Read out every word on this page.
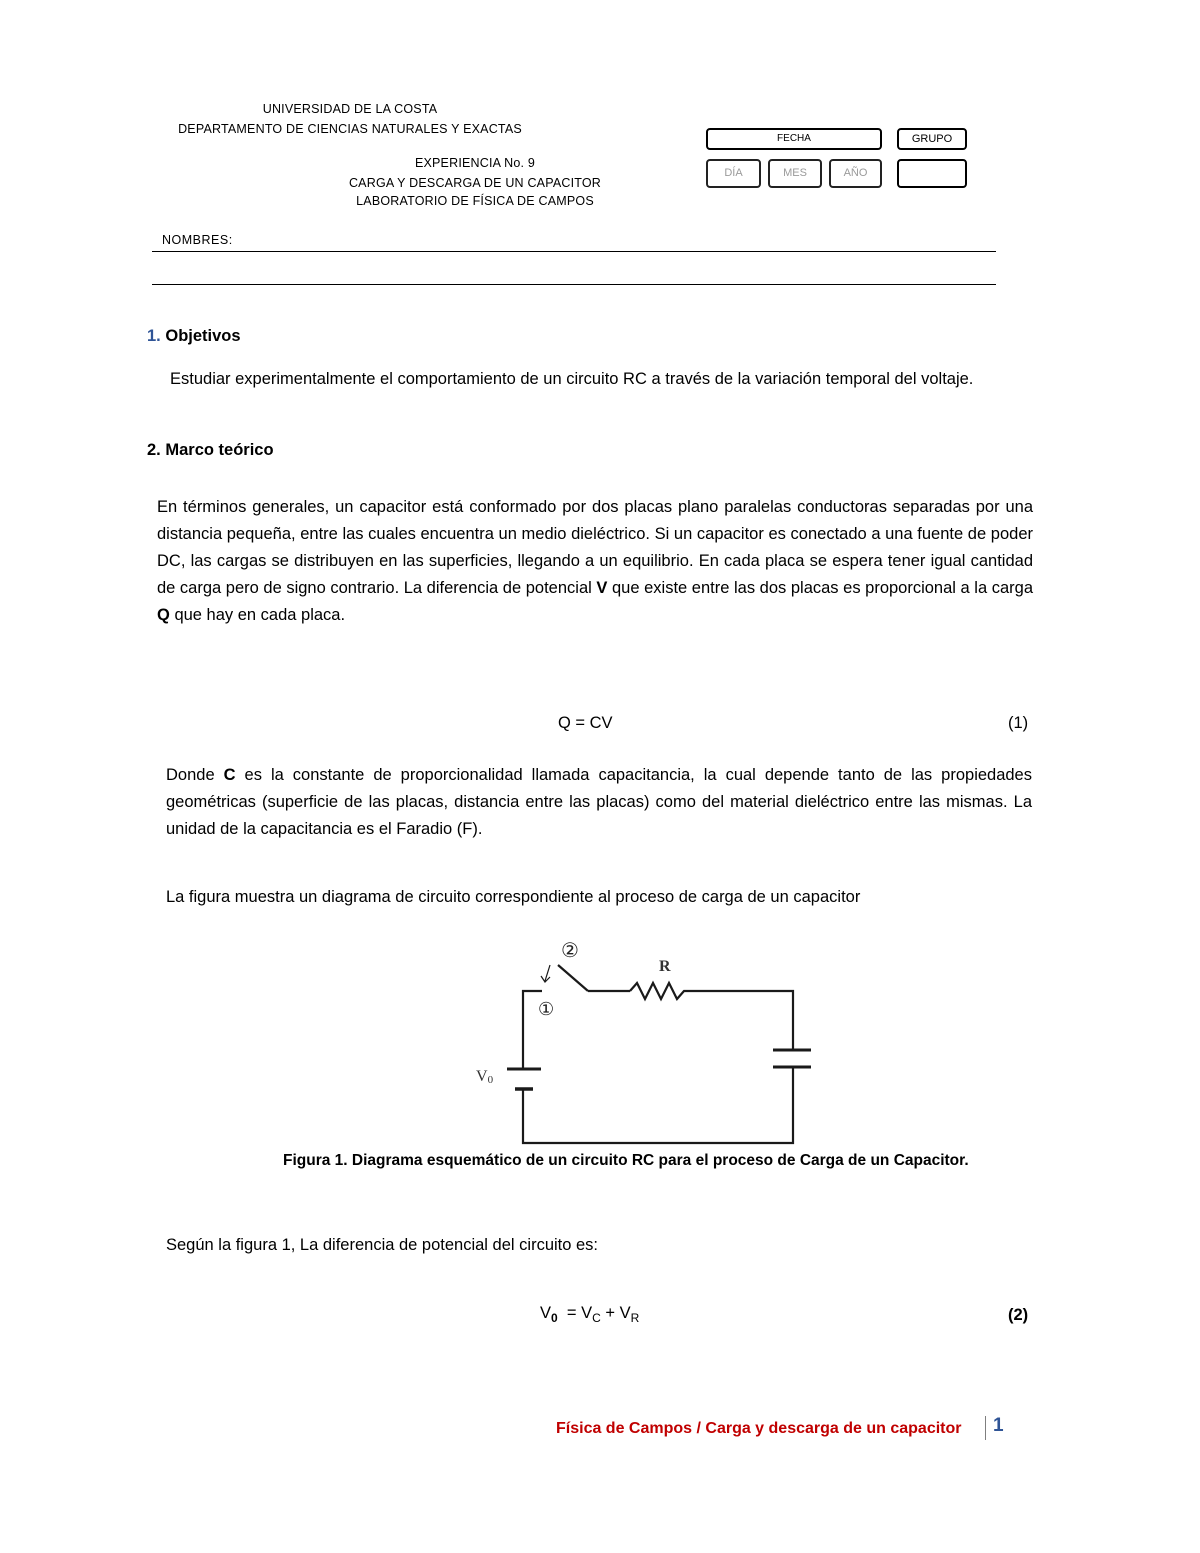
UNIVERSIDAD DE LA COSTA
DEPARTAMENTO DE CIENCIAS NATURALES Y EXACTAS
EXPERIENCIA No. 9
CARGA Y DESCARGA DE UN CAPACITOR
LABORATORIO DE FÍSICA DE CAMPOS
FECHA	GRUPO
DÍA	MES	AÑO
NOMBRES:
1. Objetivos
Estudiar experimentalmente el comportamiento de un circuito RC a través de la variación temporal del voltaje.
2. Marco teórico
En términos generales, un capacitor está conformado por dos placas plano paralelas conductoras separadas por una distancia pequeña, entre las cuales encuentra un medio dieléctrico. Si un capacitor es conectado a una fuente de poder DC, las cargas se distribuyen en las superficies, llegando a un equilibrio. En cada placa se espera tener igual cantidad de carga pero de signo contrario. La diferencia de potencial V que existe entre las dos placas es proporcional a la carga Q que hay en cada placa.
Q = CV	(1)
Donde C es la constante de proporcionalidad llamada capacitancia, la cual depende tanto de las propiedades geométricas (superficie de las placas, distancia entre las placas) como del material dieléctrico entre las mismas. La unidad de la capacitancia es el Faradio (F).
La figura muestra un diagrama de circuito correspondiente al proceso de carga de un capacitor
②
①
R
V0
Figura 1. Diagrama esquemático de un circuito RC para el proceso de Carga de un Capacitor.
Según la figura 1, La diferencia de potencial del circuito es:
$V_0 = V_C + V_R$	(2)
Física de Campos / Carga y descarga de un capacitor 1
